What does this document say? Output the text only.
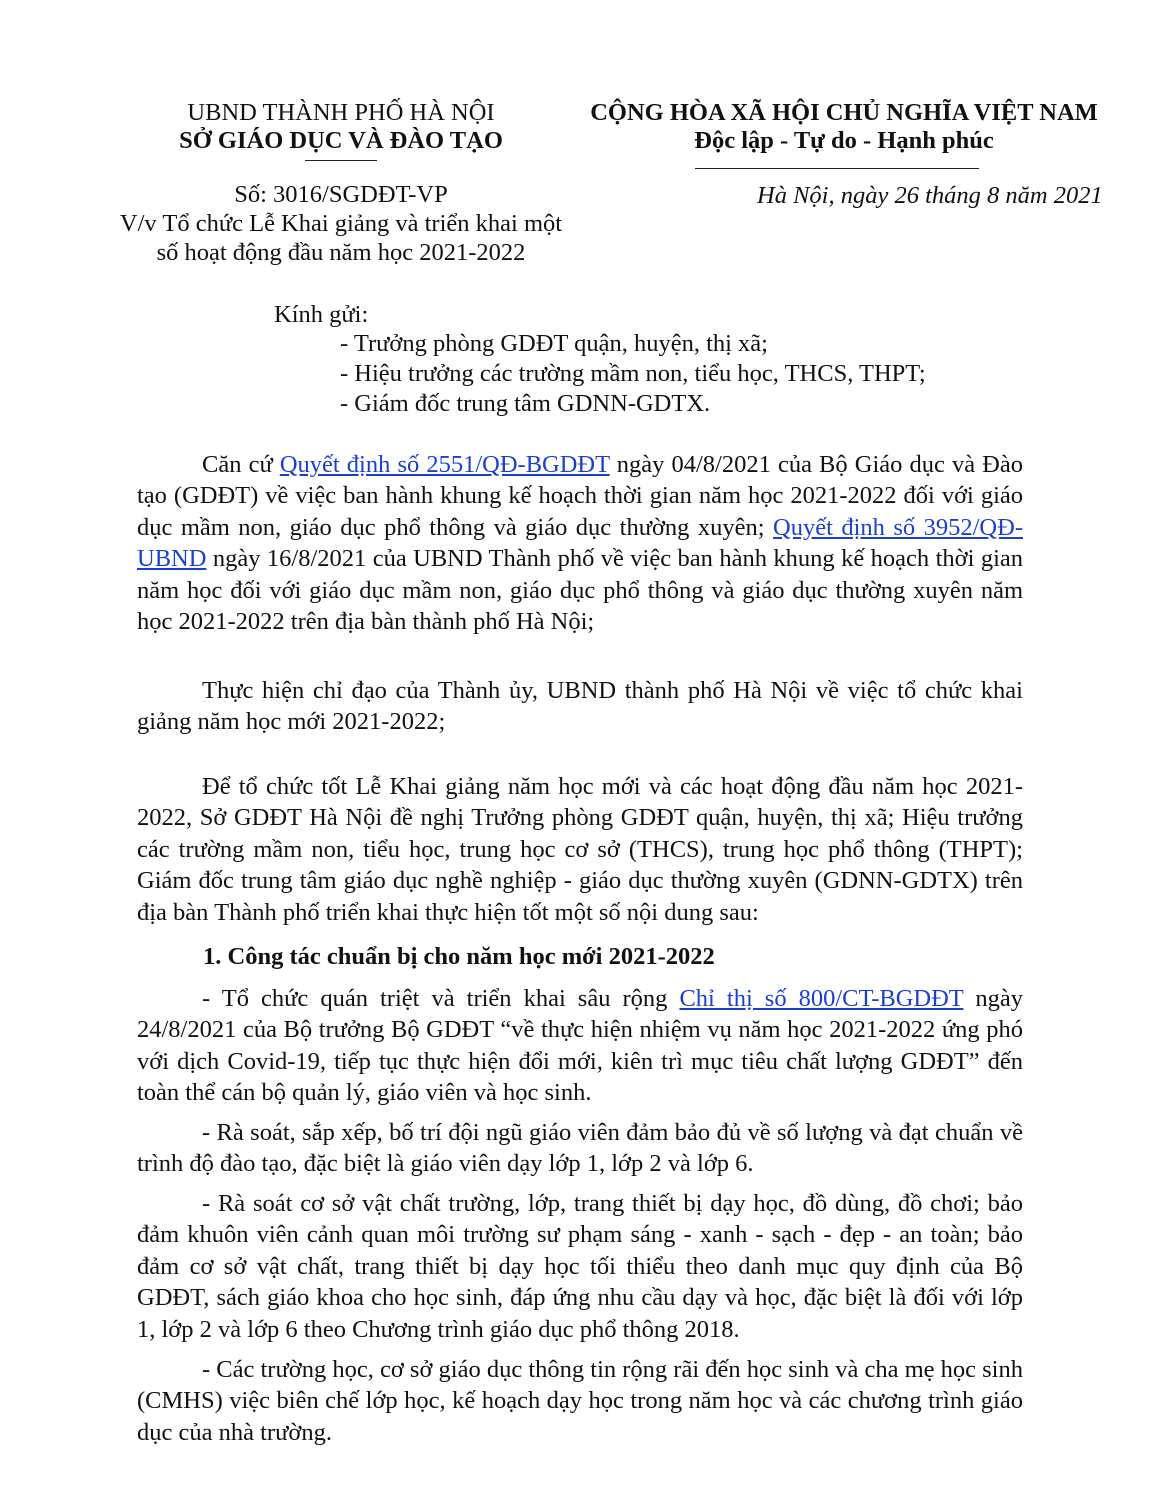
UBND THÀNH PHỐ HÀ NỘI
SỞ GIÁO DỤC VÀ ĐÀO TẠO
Số: 3016/SGDĐT-VP
V/v Tổ chức Lễ Khai giảng và triển khai một
số hoạt động đầu năm học 2021-2022
CỘNG HÒA XÃ HỘI CHỦ NGHĨA VIỆT NAM
Độc lập - Tự do - Hạnh phúc
Hà Nội, ngày 26 tháng 8 năm 2021
Kính gửi:
- Trưởng phòng GDĐT quận, huyện, thị xã;
- Hiệu trưởng các trường mầm non, tiểu học, THCS, THPT;
- Giám đốc trung tâm GDNN-GDTX.
Căn cứ Quyết định số 2551/QĐ-BGDĐT ngày 04/8/2021 của Bộ Giáo dục và Đào tạo (GDĐT) về việc ban hành khung kế hoạch thời gian năm học 2021-2022 đối với giáo dục mầm non, giáo dục phổ thông và giáo dục thường xuyên; Quyết định số 3952/QĐ-UBND ngày 16/8/2021 của UBND Thành phố về việc ban hành khung kế hoạch thời gian năm học đối với giáo dục mầm non, giáo dục phổ thông và giáo dục thường xuyên năm học 2021-2022 trên địa bàn thành phố Hà Nội;
Thực hiện chỉ đạo của Thành ủy, UBND thành phố Hà Nội về việc tổ chức khai giảng năm học mới 2021-2022;
Để tổ chức tốt Lễ Khai giảng năm học mới và các hoạt động đầu năm học 2021-2022, Sở GDĐT Hà Nội đề nghị Trưởng phòng GDĐT quận, huyện, thị xã; Hiệu trưởng các trường mầm non, tiểu học, trung học cơ sở (THCS), trung học phổ thông (THPT); Giám đốc trung tâm giáo dục nghề nghiệp - giáo dục thường xuyên (GDNN-GDTX) trên địa bàn Thành phố triển khai thực hiện tốt một số nội dung sau:
1. Công tác chuẩn bị cho năm học mới 2021-2022
- Tổ chức quán triệt và triển khai sâu rộng Chỉ thị số 800/CT-BGDĐT ngày 24/8/2021 của Bộ trưởng Bộ GDĐT “về thực hiện nhiệm vụ năm học 2021-2022 ứng phó với dịch Covid-19, tiếp tục thực hiện đổi mới, kiên trì mục tiêu chất lượng GDĐT” đến toàn thể cán bộ quản lý, giáo viên và học sinh.
- Rà soát, sắp xếp, bố trí đội ngũ giáo viên đảm bảo đủ về số lượng và đạt chuẩn về trình độ đào tạo, đặc biệt là giáo viên dạy lớp 1, lớp 2 và lớp 6.
- Rà soát cơ sở vật chất trường, lớp, trang thiết bị dạy học, đồ dùng, đồ chơi; bảo đảm khuôn viên cảnh quan môi trường sư phạm sáng - xanh - sạch - đẹp - an toàn; bảo đảm cơ sở vật chất, trang thiết bị dạy học tối thiểu theo danh mục quy định của Bộ GDĐT, sách giáo khoa cho học sinh, đáp ứng nhu cầu dạy và học, đặc biệt là đối với lớp 1, lớp 2 và lớp 6 theo Chương trình giáo dục phổ thông 2018.
- Các trường học, cơ sở giáo dục thông tin rộng rãi đến học sinh và cha mẹ học sinh (CMHS) việc biên chế lớp học, kế hoạch dạy học trong năm học và các chương trình giáo dục của nhà trường.
